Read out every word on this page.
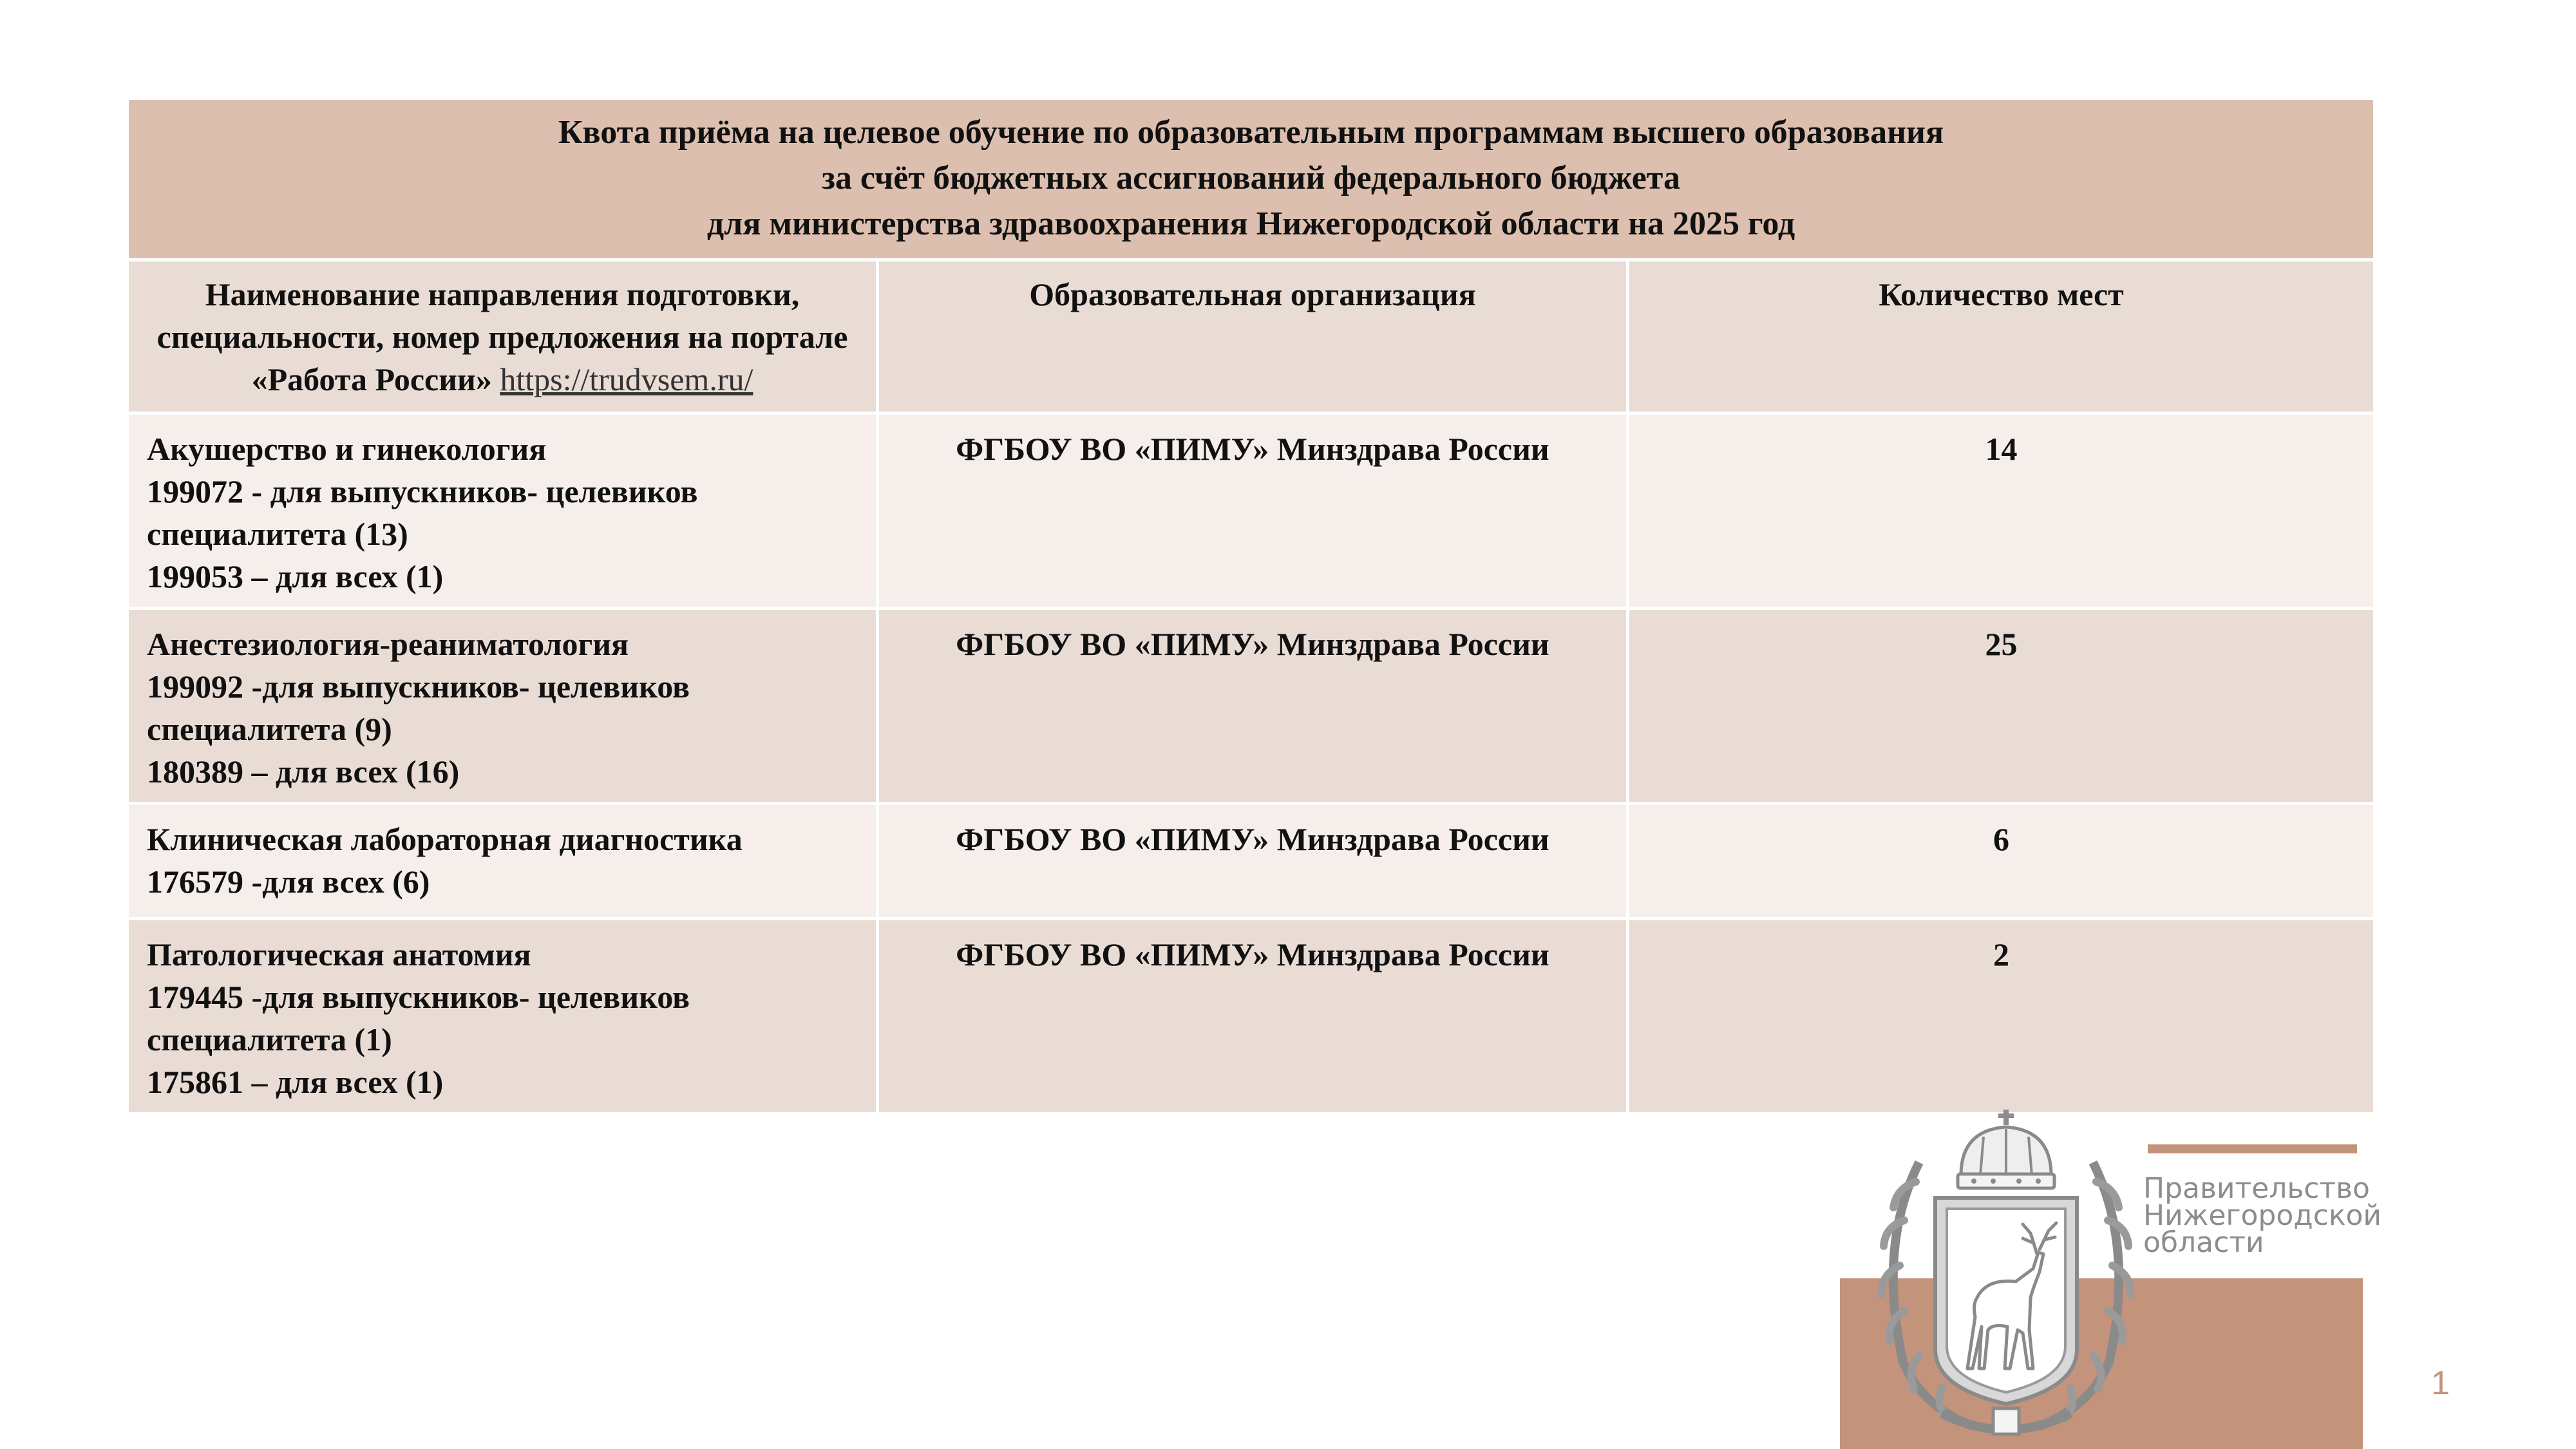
Квота приёма на целевое обучение по образовательным программам высшего образования
за счёт бюджетных ассигнований федерального бюджета
для министерства здравоохранения Нижегородской области на 2025 год		

Наименование направления подготовки, специальности, номер предложения на портале «Работа России» https://trudvsem.ru/	Образовательная организация	Количество мест

Акушерство и гинекология
199072 - для выпускников- целевиков
специалитета (13)
199053 – для всех (1)	ФГБОУ ВО «ПИМУ» Минздрава России	14

Анестезиология-реаниматология
199092 -для выпускников- целевиков
специалитета (9)
180389 – для всех (16)	ФГБОУ ВО «ПИМУ» Минздрава России	25

Клиническая лабораторная диагностика
176579 -для всех (6)	ФГБОУ ВО «ПИМУ» Минздрава России	6

Патологическая анатомия
179445 -для выпускников- целевиков
специалитета (1)
175861 – для всех (1)	ФГБОУ ВО «ПИМУ» Минздрава России	2
Правительство
Нижегородской
области
1
